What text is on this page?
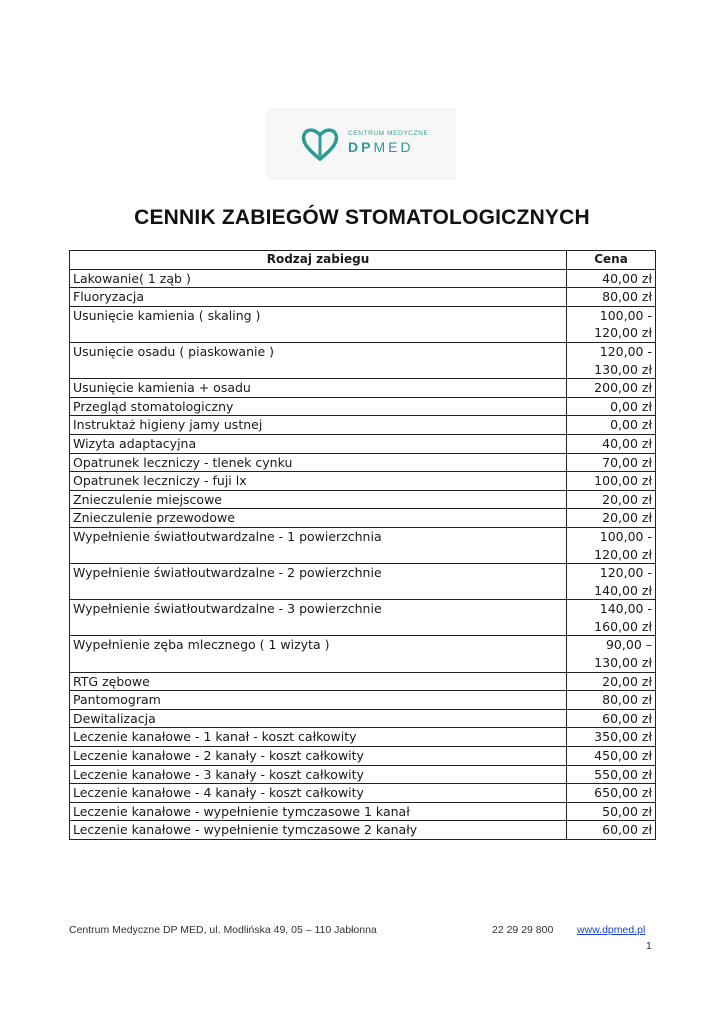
CENTRUM MEDYCZNE
DPMED
CENNIK ZABIEGÓW STOMATOLOGICZNYCH
Rodzaj zabiegu	Cena
Lakowanie( 1 ząb )	40,00 zł
Fluoryzacja	80,00 zł
Usunięcie kamienia ( skaling )	100,00 - 120,00 zł
Usunięcie osadu ( piaskowanie )	120,00 - 130,00 zł
Usunięcie kamienia + osadu	200,00 zł
Przegląd stomatologiczny	0,00 zł
Instruktaż higieny jamy ustnej	0,00 zł
Wizyta adaptacyjna	40,00 zł
Opatrunek leczniczy - tlenek cynku	70,00 zł
Opatrunek leczniczy - fuji lx	100,00 zł
Znieczulenie miejscowe	20,00 zł
Znieczulenie przewodowe	20,00 zł
Wypełnienie światłoutwardzalne - 1 powierzchnia	100,00 - 120,00 zł
Wypełnienie światłoutwardzalne - 2 powierzchnie	120,00 - 140,00 zł
Wypełnienie światłoutwardzalne - 3 powierzchnie	140,00 - 160,00 zł
Wypełnienie zęba mlecznego ( 1 wizyta )	90,00 – 130,00 zł
RTG zębowe	20,00 zł
Pantomogram	80,00 zł
Dewitalizacja	60,00 zł
Leczenie kanałowe - 1 kanał - koszt całkowity	350,00 zł
Leczenie kanałowe - 2 kanały - koszt całkowity	450,00 zł
Leczenie kanałowe - 3 kanały - koszt całkowity	550,00 zł
Leczenie kanałowe - 4 kanały - koszt całkowity	650,00 zł
Leczenie kanałowe - wypełnienie tymczasowe 1 kanał	50,00 zł
Leczenie kanałowe - wypełnienie tymczasowe 2 kanały	60,00 zł
Centrum Medyczne DP MED, ul. Modlińska 49, 05 – 110 Jabłonna	22 29 29 800 www.dpmed.pl
1
